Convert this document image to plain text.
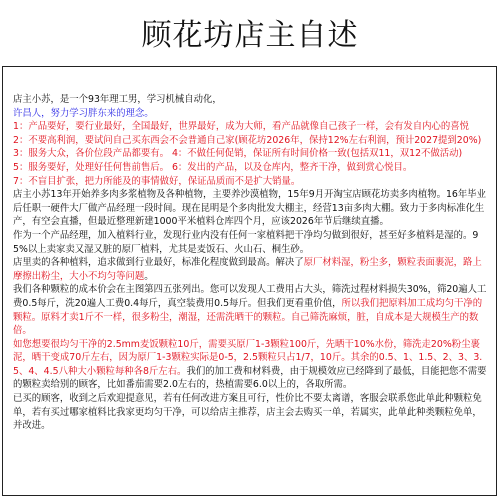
顾花坊店主自述

店主小苏，是一个93年理工男，学习机械自动化，

许昌人，努力学习胖东来的理念。

1：产品要好，要行业最好，全国最好，世界最好，成为大师，看产品就像自己孩子一样，会有发自内心的喜悦

2：不要高利润，要试问自己买东西会不会普通自己家(顾花坊2026年，保持12%左右利润，预计2027提到20%)

3：服务大众，各价位段产品都要有。 4：不做任何促销，保证所有时间价格一致(包括双11，双12不做活动)

5：服务要好，处理好任何售前售后。 6：发出的产品，以及仓库内，整齐干净，做到赏心悦目。

7：不盲目扩张，把力所能及的事情做好，保证品质而不是扩大销量。

店主小苏13年开始养多肉多浆植物及各种植物，主要养沙漠植物，15年9月开淘宝店顾花坊卖多肉植物。16年毕业后任职一硬件大厂做产品经理一段时间。现在昆明是个多肉批发大棚主，经营13亩多肉大棚。致力于多肉标准化生产，有空会直播，但最近整理新建1000平米植料仓库四个月，应该2026年节后继续直播。

作为一个产品经理，加入植料行业，发现行业内没有任何一家植料把干净均匀做到很好，甚至好多植料是湿的。95%以上卖家卖又湿又脏的原厂植料，尤其是麦饭石、火山石、桐生砂。

店里卖的各种植料，追求做到行业最好，标准化程度做到最高。解决了原厂材料湿，粉尘多，颗粒表面裹泥，路上摩擦出粉尘，大小不均匀等问题。

我们各种颗粒的成本价会在主图第四五张列出。您可以发现人工费用占大头，筛洗过程材料损失30%，筛20遍人工费0.5每斤，洗20遍人工费0.4每斤，真空装费用0.5每斤。但我们更看重价值，所以我们把原料加工成均匀干净的颗粒。原料才卖1斤不一样，很多粉尘，潮湿，还需洗晒干的颗粒。自己筛洗麻烦，脏，自成本是大规模生产的数倍。

如您想要很均匀干净的2.5mm麦饭颗粒10斤，需要买原厂1-3颗粒100斤，先晒干10%水份，筛洗走20%粉尘裹泥，晒干变成70斤左右，因为原厂1-3颗粒实际是0-5，2.5颗粒只占1/7，10斤。其余的0.5、1、1.5、2、3、3.5、4、4.5八种大小颗粒每种各8斤左右。我们的加工费和材料费，由于规模效应已经降到了最低，目能把您不需要的颗粒卖给别的顾客，比如番茄需要2.0左右的，热植需要6.0以上的，各取所需。

已买的顾客，收到之后欢迎提意见，若有任何改进方案且可行，性价比不要太离谱，客服会联系您此单此种颗粒免单，若有买过哪家植料比我家更均匀干净，可以给店主推荐，店主会去购买一单，若属实，此单此种类颗粒免单，并改进。
